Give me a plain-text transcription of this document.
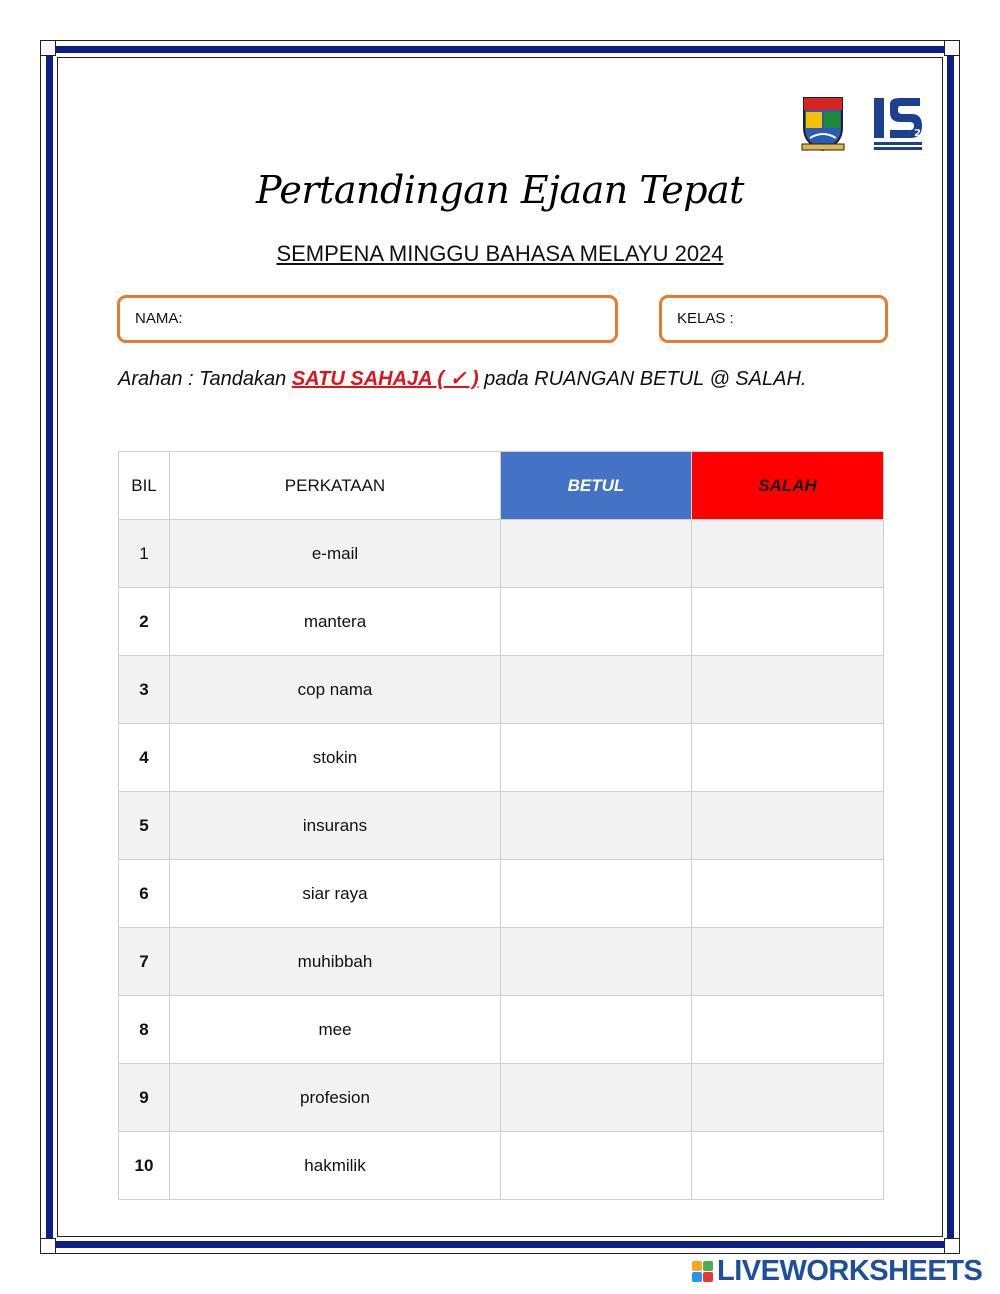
25
Pertandingan Ejaan Tepat
SEMPENA MINGGU BAHASA MELAYU 2024
NAMA:	KELAS :
Arahan : Tandakan SATU SAHAJA ( ✓ ) pada RUANGAN BETUL @ SALAH.
BIL	PERKATAAN	BETUL	SALAH
1	e-mail		
2	mantera		
3	cop nama		
4	stokin		
5	insurans		
6	siar raya		
7	muhibbah		
8	mee		
9	profesion		
10	hakmilik		
LIVEWORKSHEETS
